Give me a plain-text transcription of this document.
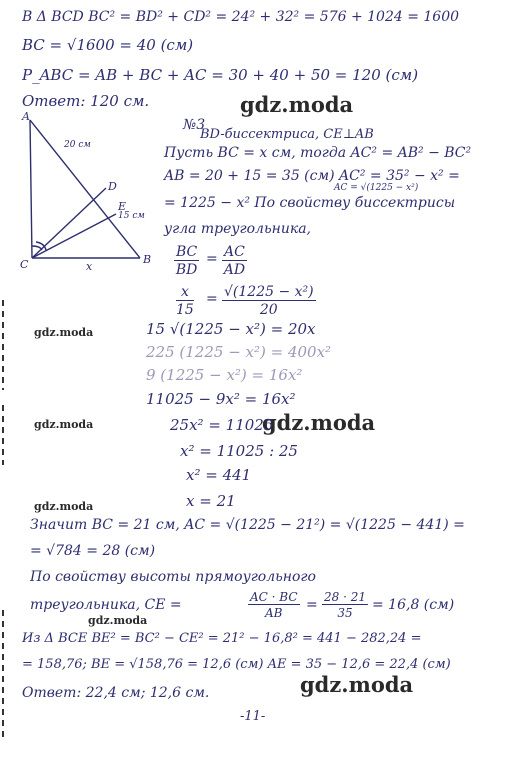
В Δ BCD BC² = BD² + CD² = 24² + 32² = 576 + 1024 = 1600
BC = √1600 = 40 (см)
P_ABC = AB + BC + AC = 30 + 40 + 50 = 120 (см)
Ответ: 120 см.	gdz.moda
№3
BD-биссектриса, CE⊥AB
Пусть BC = x см, тогда AC² = AB² − BC²
AB = 20 + 15 = 35 (см) AC² = 35² − x² =
AC = √(1225 − x²)
= 1225 − x² По свойству биссектрисы
угла треугольника,
A
B
C
D
E
20 см
15 см
x	$\frac{BC}{BD} = \frac{AC}{AD}$
$\frac{x}{15} = \frac{\text{√(1225 − x²)}}{20}$
gdz.moda	15 √(1225 − x²) = 20x
225 (1225 − x²) = 400x²
9 (1225 − x²) = 16x²
11025 − 9x² = 16x²
gdz.moda	gdz.moda
25x² = 11025
x² = 11025 : 25
x² = 441
x = 21
gdz.moda
Значит BC = 21 см, AC = √(1225 − 21²) = √(1225 − 441) =
= √784 = 28 (см)
По свойству высоты прямоугольного
треугольника, CE =	$\frac{AC \cdot BC}{AB} = \frac{28 \cdot 21}{35} = 16,8$ (см)
gdz.moda
Из Δ BCE BE² = BC² − CE² = 21² − 16,8² = 441 − 282,24 =
= 158,76; BE = √158,76 = 12,6 (см) AE = 35 − 12,6 = 22,4 (см)
Ответ: 22,4 см; 12,6 см.	gdz.moda
-11-
